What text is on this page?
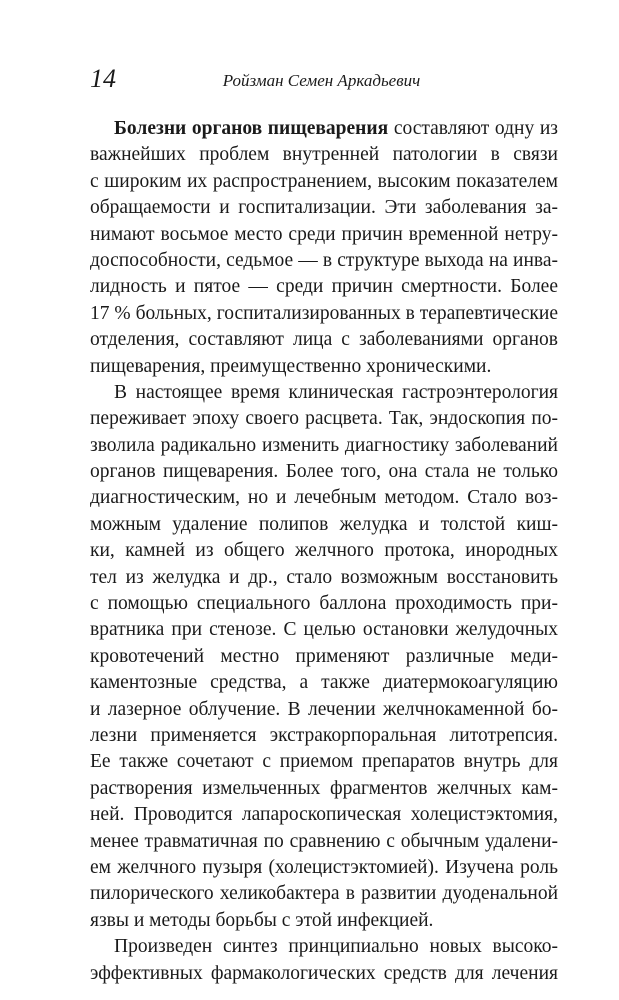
14	Ройзман Семен Аркадьевич
Болезни органов пищеварения составляют одну из
важнейших проблем внутренней патологии в связи
с широким их распространением, высоким показателем
обращаемости и госпитализации. Эти заболевания за-
нимают восьмое место среди причин временной нетру-
доспособности, седьмое — в структуре выхода на инва-
лидность и пятое — среди причин смертности. Более
17 % больных, госпитализированных в терапевтические
отделения, составляют лица с заболеваниями органов
пищеварения, преимущественно хроническими.
В настоящее время клиническая гастроэнтерология
переживает эпоху своего расцвета. Так, эндоскопия по-
зволила радикально изменить диагностику заболеваний
органов пищеварения. Более того, она стала не только
диагностическим, но и лечебным методом. Стало воз-
можным удаление полипов желудка и толстой киш-
ки, камней из общего желчного протока, инородных
тел из желудка и др., стало возможным восстановить
с помощью специального баллона проходимость при-
вратника при стенозе. С целью остановки желудочных
кровотечений местно применяют различные меди-
каментозные средства, а также диатермокоагуляцию
и лазерное облучение. В лечении желчнокаменной бо-
лезни применяется экстракорпоральная литотрепсия.
Ее также сочетают с приемом препаратов внутрь для
растворения измельченных фрагментов желчных кам-
ней. Проводится лапароскопическая холецистэктомия,
менее травматичная по сравнению с обычным удалени-
ем желчного пузыря (холецистэктомией). Изучена роль
пилорического хеликобактера в развитии дуоденальной
язвы и методы борьбы с этой инфекцией.
Произведен синтез принципиально новых высоко-
эффективных фармакологических средств для лечения
